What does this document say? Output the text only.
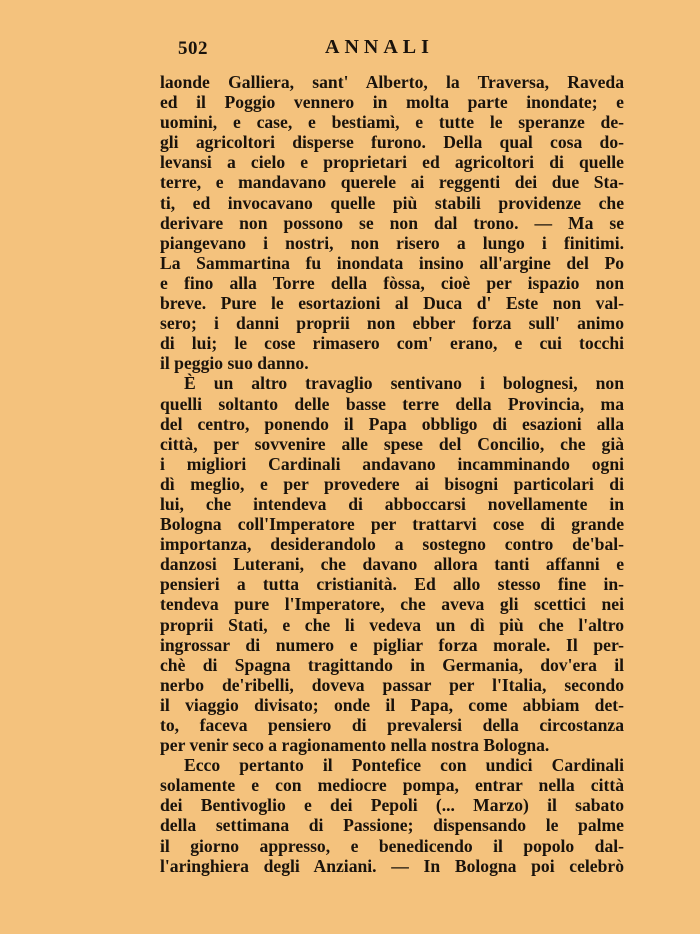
502	ANNALI
laonde Galliera, sant' Alberto, la Traversa, Raveda
ed il Poggio vennero in molta parte inondate; e
uomini, e case, e bestiamì, e tutte le speranze de-
gli agricoltori disperse furono. Della qual cosa do-
levansi a cielo e proprietari ed agricoltori di quelle
terre, e mandavano querele ai reggenti dei due Sta-
ti, ed invocavano quelle più stabili providenze che
derivare non possono se non dal trono. — Ma se
piangevano i nostri, non risero a lungo i finitimi.
La Sammartina fu inondata insino all'argine del Po
e fino alla Torre della fòssa, cioè per ispazio non
breve. Pure le esortazioni al Duca d' Este non val-
sero; i danni proprii non ebber forza sull' animo
di lui; le cose rimasero com' erano, e cui tocchi
il peggio suo danno.
È un altro travaglio sentivano i bolognesi, non
quelli soltanto delle basse terre della Provincia, ma
del centro, ponendo il Papa obbligo di esazioni alla
città, per sovvenire alle spese del Concilio, che già
i migliori Cardinali andavano incamminando ogni
dì meglio, e per provedere ai bisogni particolari di
lui, che intendeva di abboccarsi novellamente in
Bologna coll'Imperatore per trattarvi cose di grande
importanza, desiderandolo a sostegno contro de'bal-
danzosi Luterani, che davano allora tanti affanni e
pensieri a tutta cristianità. Ed allo stesso fine in-
tendeva pure l'Imperatore, che aveva gli scettici nei
proprii Stati, e che li vedeva un dì più che l'altro
ingrossar di numero e pigliar forza morale. Il per-
chè di Spagna tragittando in Germania, dov'era il
nerbo de'ribelli, doveva passar per l'Italia, secondo
il viaggio divisato; onde il Papa, come abbiam det-
to, faceva pensiero di prevalersi della circostanza
per venir seco a ragionamento nella nostra Bologna.
Ecco pertanto il Pontefice con undici Cardinali
solamente e con mediocre pompa, entrar nella città
dei Bentivoglio e dei Pepoli (... Marzo) il sabato
della settimana di Passione; dispensando le palme
il giorno appresso, e benedicendo il popolo dal-
l'aringhiera degli Anziani. — In Bologna poi celebrò
